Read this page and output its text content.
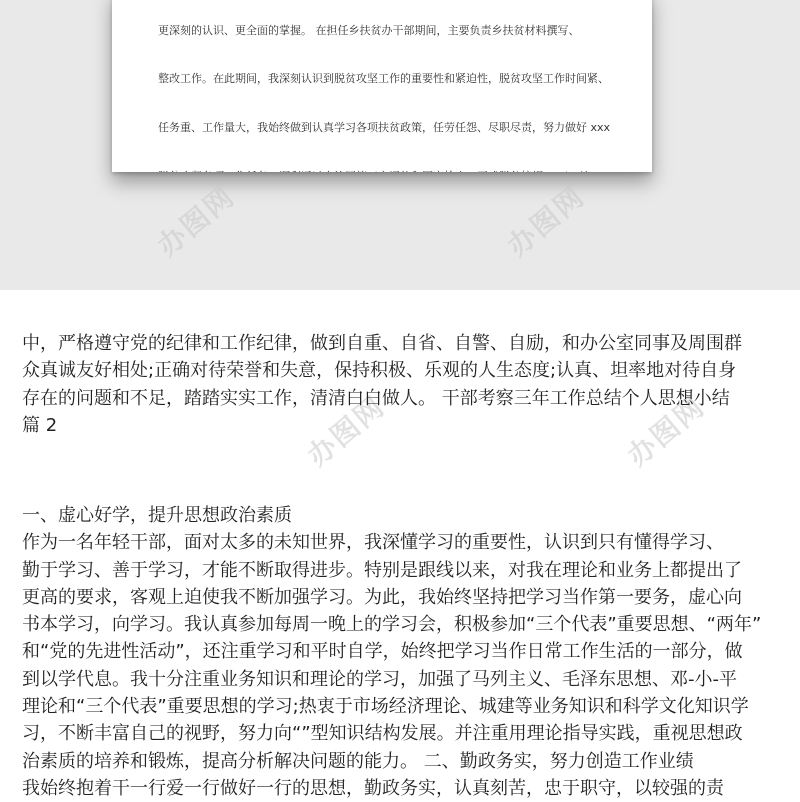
更深刻的认识、更全面的掌握。 在担任乡扶贫办干部期间，主要负责乡扶贫材料撰写、

整改工作。在此期间，我深刻认识到脱贫攻坚工作的重要性和紧迫性，脱贫攻坚工作时间紧、

任务重、工作量大，我始终做到认真学习各项扶贫政策，任劳任怨、尽职尽责，努力做好 xxx

办图网	办图网
办图网	办图网
中，严格遵守党的纪律和工作纪律，做到自重、自省、自警、自励，和办公室同事及周围群
众真诚友好相处;正确对待荣誉和失意，保持积极、乐观的人生态度;认真、坦率地对待自身
存在的问题和不足，踏踏实实工作，清清白白做人。 干部考察三年工作总结个人思想小结
篇 2
一、虚心好学，提升思想政治素质
作为一名年轻干部，面对太多的未知世界，我深懂学习的重要性，认识到只有懂得学习、
勤于学习、善于学习，才能不断取得进步。特别是跟线以来，对我在理论和业务上都提出了
更高的要求，客观上迫使我不断加强学习。为此，我始终坚持把学习当作第一要务，虚心向
书本学习，向学习。我认真参加每周一晚上的学习会，积极参加“三个代表”重要思想、“两年”
和“党的先进性活动”，还注重学习和平时自学，始终把学习当作日常工作生活的一部分，做
到以学代息。我十分注重业务知识和理论的学习，加强了马列主义、毛泽东思想、邓-小-平
理论和“三个代表”重要思想的学习;热衷于市场经济理论、城建等业务知识和科学文化知识学
习，不断丰富自己的视野，努力向“”型知识结构发展。并注重用理论指导实践，重视思想政
治素质的培养和锻炼，提高分析解决问题的能力。 二、勤政务实，努力创造工作业绩
我始终抱着干一行爱一行做好一行的思想，勤政务实，认真刻苦，忠于职守，以较强的责
